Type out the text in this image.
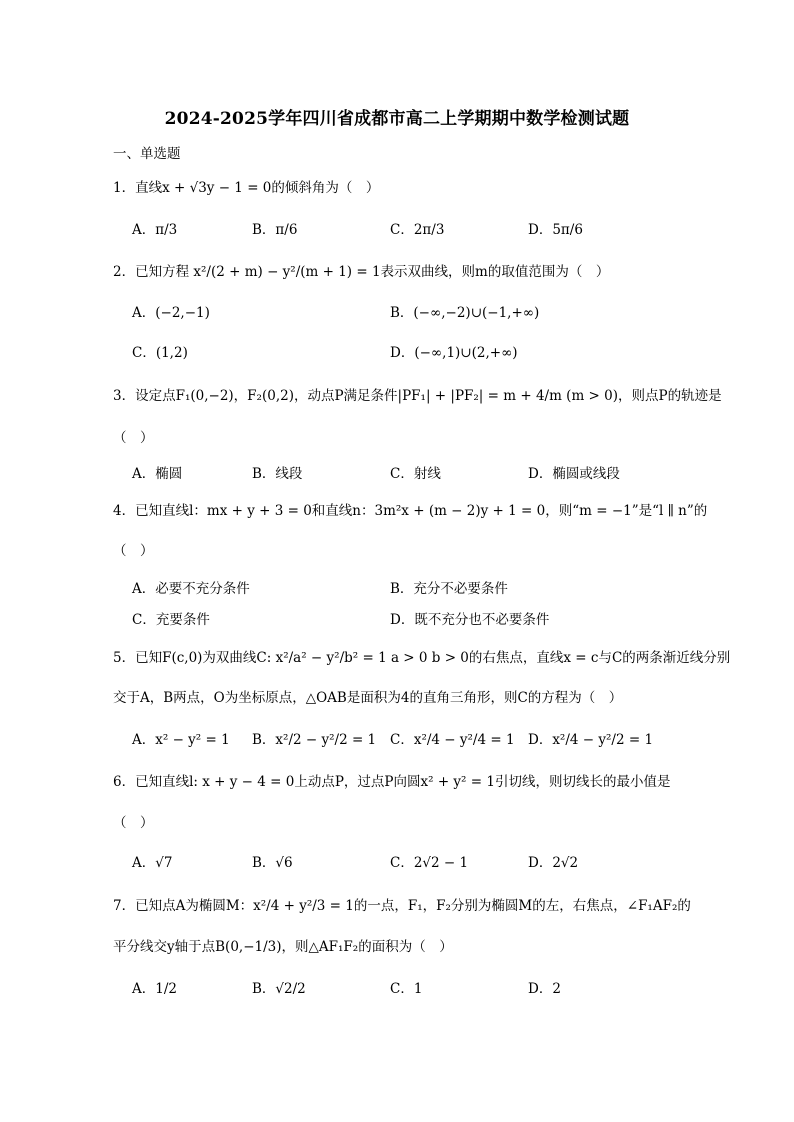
2024-2025学年四川省成都市高二上学期期中数学检测试题
一、单选题
1．直线x + √3y − 1 = 0的倾斜角为（　）
A．π/3	B．π/6	C．2π/3	D．5π/6
2．已知方程 x²/(2 + m) − y²/(m + 1) = 1表示双曲线，则m的取值范围为（　）
A．(−2,−1)	B．(−∞,−2)∪(−1,+∞)
C．(1,2)	D．(−∞,1)∪(2,+∞)
3．设定点F₁(0,−2)，F₂(0,2)，动点P满足条件|PF₁| + |PF₂| = m + 4/m (m > 0)，则点P的轨迹是
（　）
A．椭圆	B．线段	C．射线	D．椭圆或线段
4．已知直线l：mx + y + 3 = 0和直线n：3m²x + (m − 2)y + 1 = 0，则“m = −1”是“l ∥ n”的
（　）
A．必要不充分条件	B．充分不必要条件
C．充要条件	D．既不充分也不必要条件
5．已知F(c,0)为双曲线C: x²/a² − y²/b² = 1 a > 0 b > 0的右焦点，直线x = c与C的两条渐近线分别
交于A，B两点，O为坐标原点，△OAB是面积为4的直角三角形，则C的方程为（　）
A．x² − y² = 1 B．x²/2 − y²/2 = 1 C．x²/4 − y²/4 = 1 D．x²/4 − y²/2 = 1
6．已知直线l: x + y − 4 = 0上动点P，过点P向圆x² + y² = 1引切线，则切线长的最小值是
（　）
A．√7	B．√6	C．2√2 − 1	D．2√2
7．已知点A为椭圆M：x²/4 + y²/3 = 1的一点，F₁，F₂分别为椭圆M的左，右焦点，∠F₁AF₂的
平分线交y轴于点B(0,−1/3)，则△AF₁F₂的面积为（　）
A．1/2	B．√2/2	C．1	D．2
